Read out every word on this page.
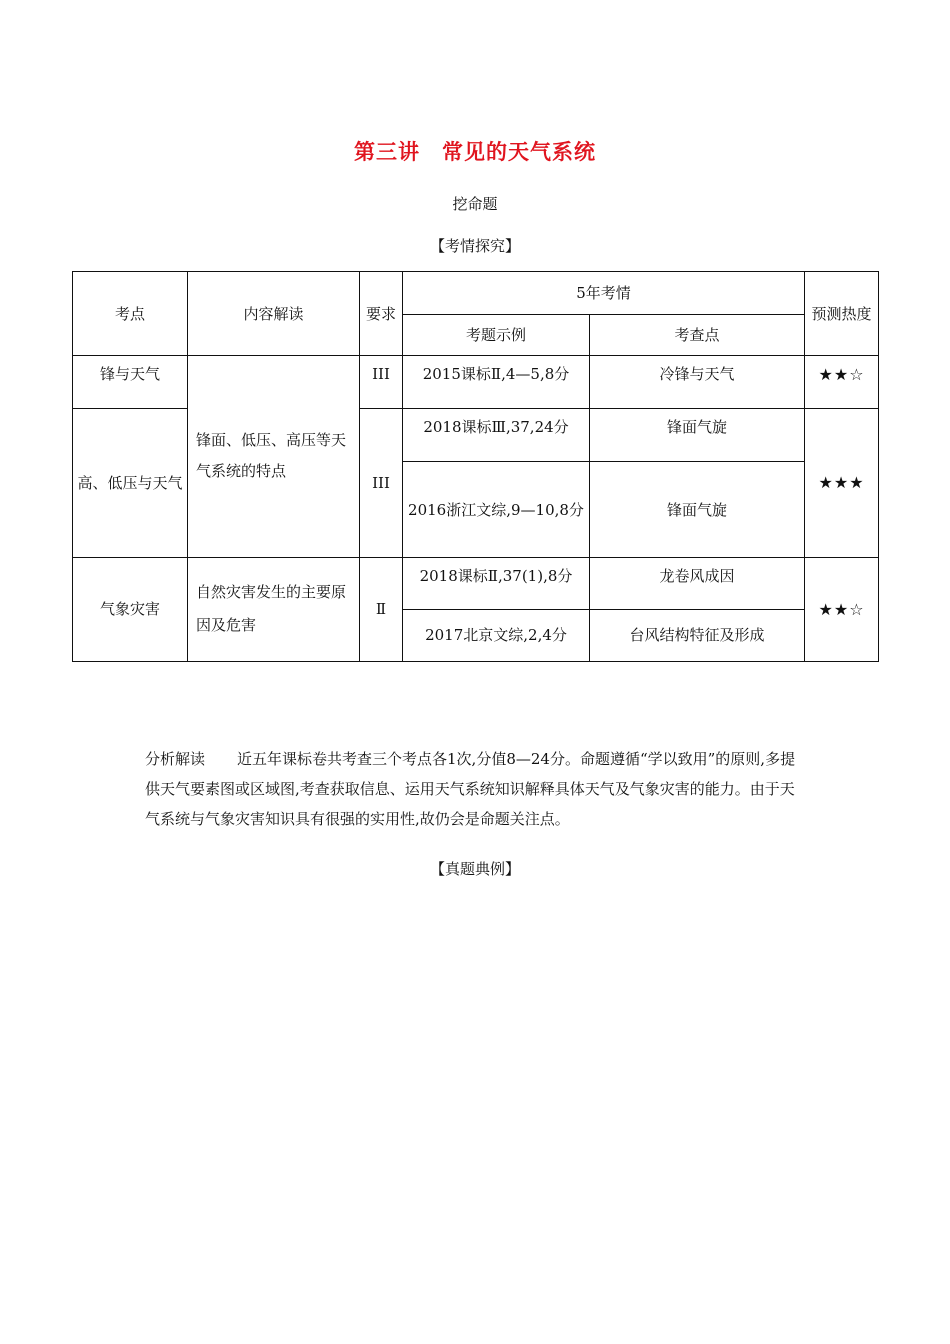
第三讲　常见的天气系统
挖命题
【考情探究】
考点	内容解读	要求	5年考情		预测热度
			考题示例	考查点	
锋与天气	锋面、低压、高压等天气系统的特点	III	2015课标Ⅱ,4—5,8分	冷锋与天气	★★☆
高、低压与天气		III	2018课标Ⅲ,37,24分	锋面气旋	★★★
			2016浙江文综,9—10,8分	锋面气旋	
气象灾害	自然灾害发生的主要原因及危害	Ⅱ	2018课标Ⅱ,37(1),8分	龙卷风成因	★★☆
			2017北京文综,2,4分	台风结构特征及形成	
分析解读 近五年课标卷共考查三个考点各1次,分值8—24分。命题遵循“学以致用”的原则,多提供天气要素图或区域图,考查获取信息、运用天气系统知识解释具体天气及气象灾害的能力。由于天气系统与气象灾害知识具有很强的实用性,故仍会是命题关注点。
【真题典例】
